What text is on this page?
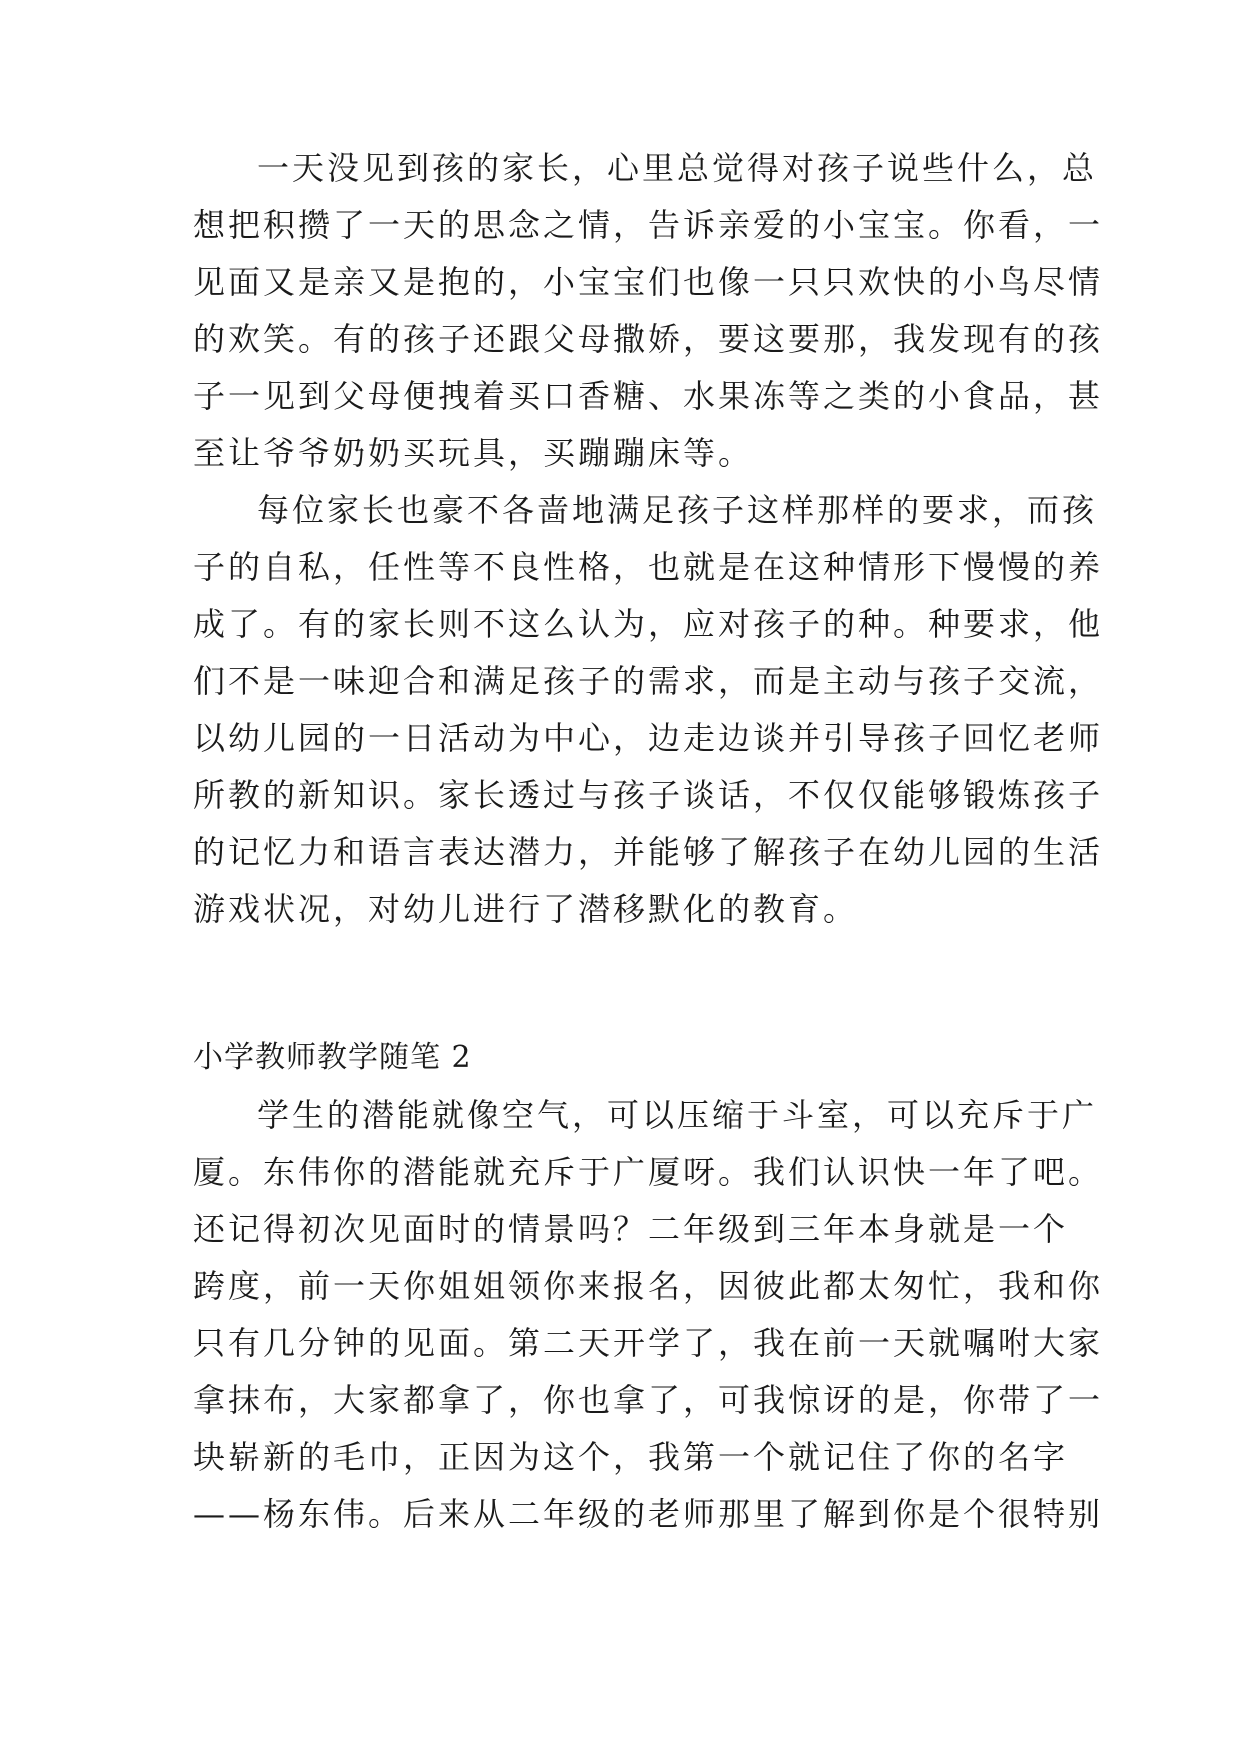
一天没见到孩的家长，心里总觉得对孩子说些什么，总
想把积攒了一天的思念之情，告诉亲爱的小宝宝。你看，一
见面又是亲又是抱的，小宝宝们也像一只只欢快的小鸟尽情
的欢笑。有的孩子还跟父母撒娇，要这要那，我发现有的孩
子一见到父母便拽着买口香糖、水果冻等之类的小食品，甚
至让爷爷奶奶买玩具，买蹦蹦床等。
每位家长也豪不各啬地满足孩子这样那样的要求，而孩
子的自私，任性等不良性格，也就是在这种情形下慢慢的养
成了。有的家长则不这么认为，应对孩子的种。种要求，他
们不是一味迎合和满足孩子的需求，而是主动与孩子交流，
以幼儿园的一日活动为中心，边走边谈并引导孩子回忆老师
所教的新知识。家长透过与孩子谈话，不仅仅能够锻炼孩子
的记忆力和语言表达潜力，并能够了解孩子在幼儿园的生活
游戏状况，对幼儿进行了潜移默化的教育。
小学教师教学随笔 2
学生的潜能就像空气，可以压缩于斗室，可以充斥于广
厦。东伟你的潜能就充斥于广厦呀。我们认识快一年了吧。
还记得初次见面时的情景吗？二年级到三年本身就是一个
跨度，前一天你姐姐领你来报名，因彼此都太匆忙，我和你
只有几分钟的见面。第二天开学了，我在前一天就嘱咐大家
拿抹布，大家都拿了，你也拿了，可我惊讶的是，你带了一
块崭新的毛巾，正因为这个，我第一个就记住了你的名字
——杨东伟。后来从二年级的老师那里了解到你是个很特别
